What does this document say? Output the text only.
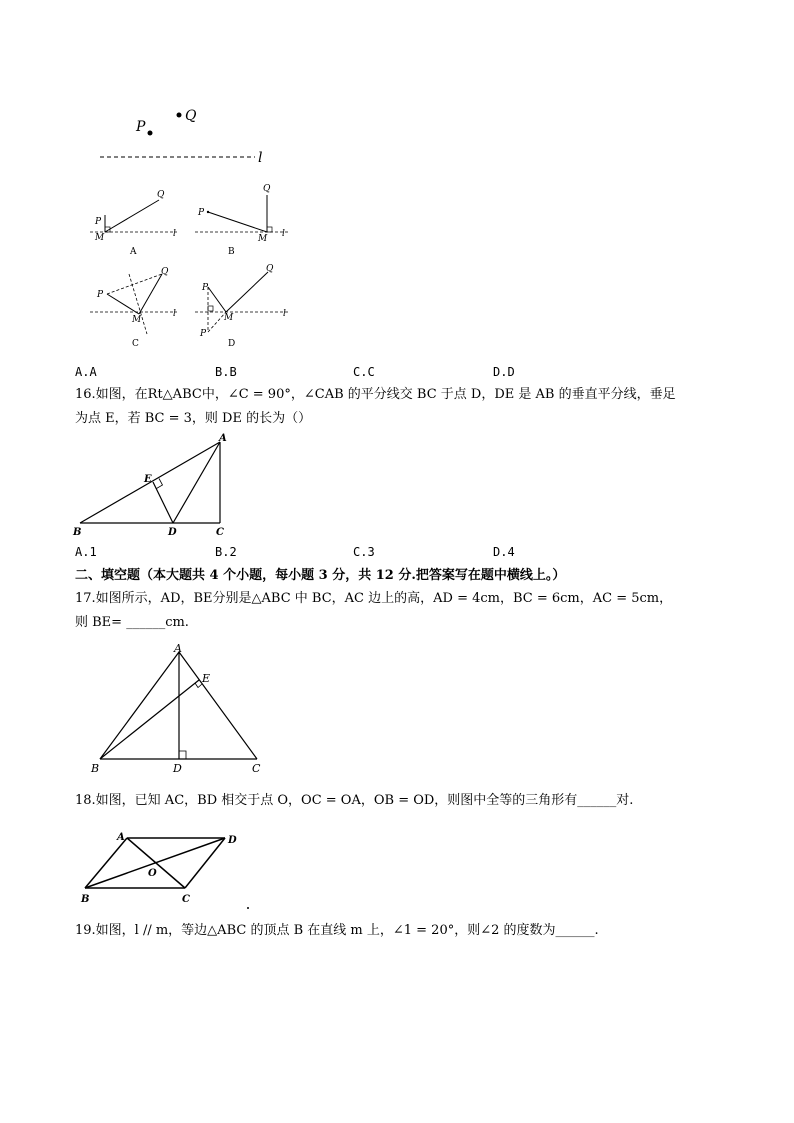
P
Q
l
P
Q
M	l
A
P
Q
M l
B
P
Q
M
l
C
P
P
Q
M	l
D
A.A	B.B	C.C	D.D
16.如图，在Rt△ABC中，∠C = 90°，∠CAB 的平分线交 BC 于点 D，DE 是 AB 的垂直平分线，垂足
为点 E，若 BC = 3，则 DE 的长为（）
A
B	C
D
E
A.1	B.2	C.3	D.4
二、填空题（本大题共 4 个小题，每小题 3 分，共 12 分.把答案写在题中横线上。）
17.如图所示，AD，BE分别是△ABC 中 BC，AC 边上的高，AD = 4cm，BC = 6cm，AC = 5cm，
则 BE= ______cm.
A
B	C
D
E
18.如图，已知 AC，BD 相交于点 O，OC = OA，OB = OD，则图中全等的三角形有______对.
A
B	C
D
O
19.如图，l // m，等边△ABC 的顶点 B 在直线 m 上，∠1 = 20°，则∠2 的度数为______.
